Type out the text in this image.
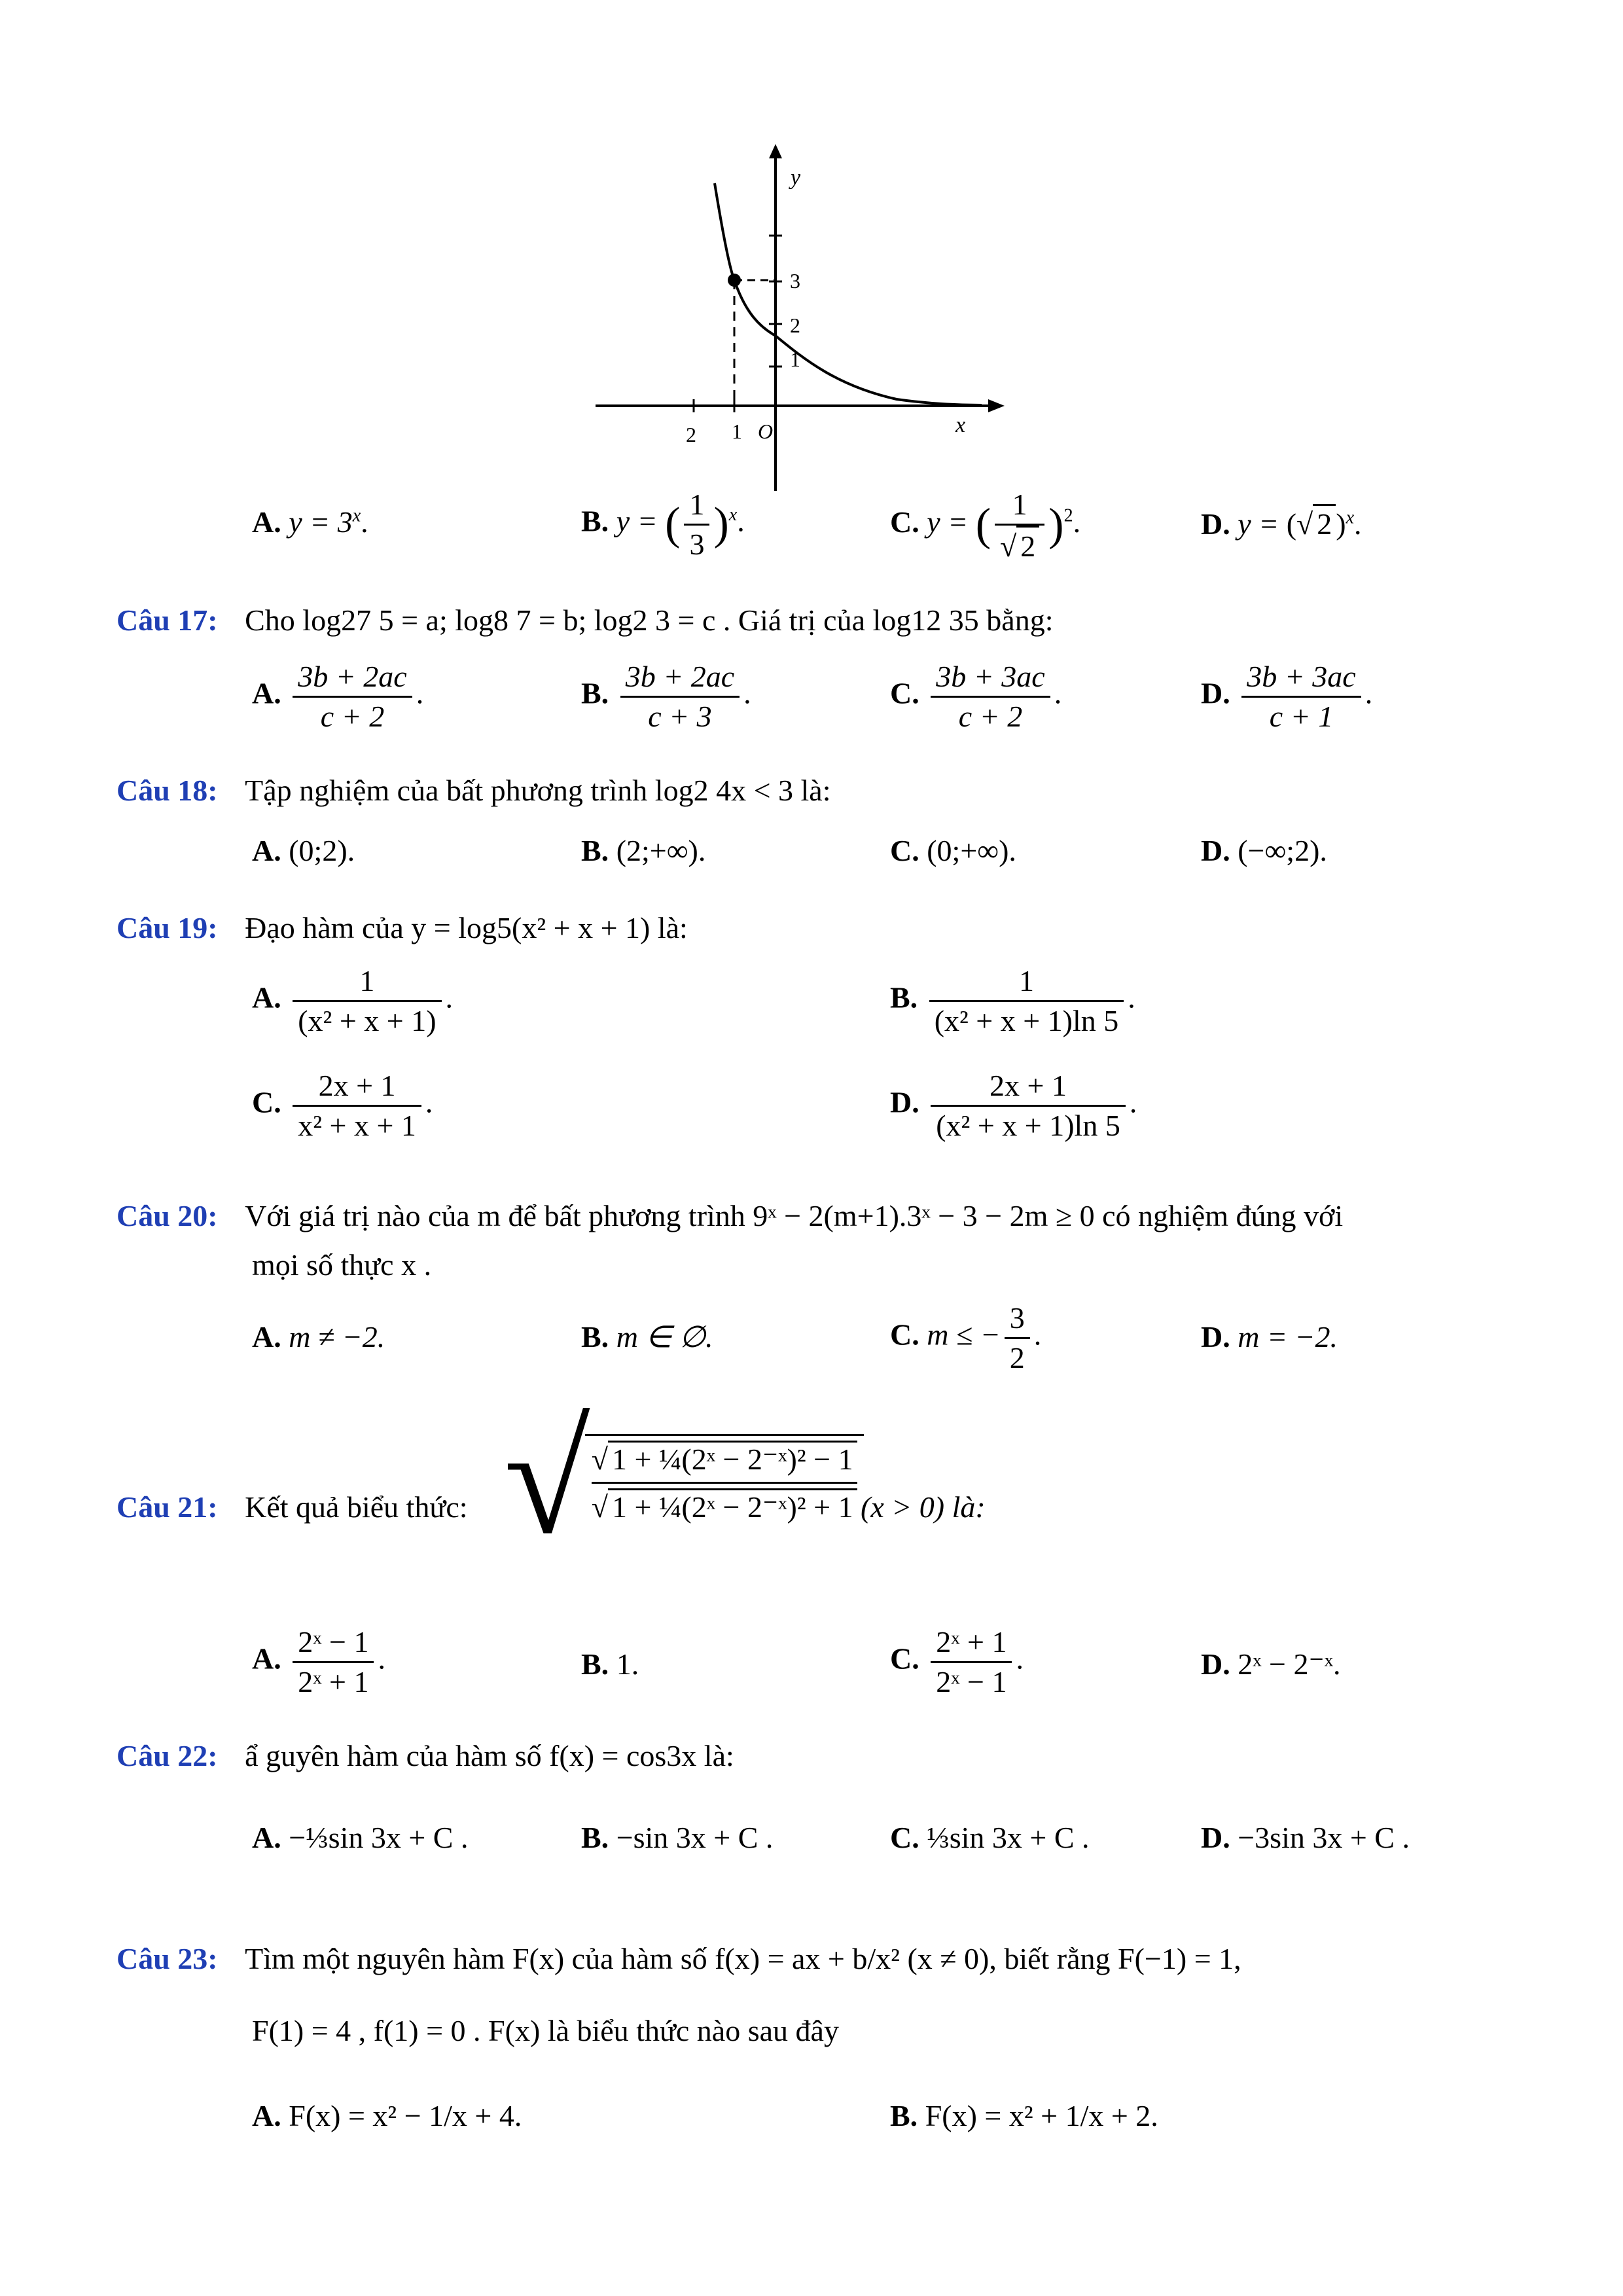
y
x
O
3
2
1
2 1
A. $y = 3^x$.	B. y = ( $\frac{1}{3} )^x$.	C. y = ( $\frac{1}{√ 2} )^2$.	D. y = (√ 2 )$^x$.
Câu 17: Cho log27 5 = a; log8 7 = b; log2 3 = c . Giá trị của log12 35 bằng:
A. $\frac{3b + 2ac}{c + 2}$ .	B. $\frac{3b + 2ac}{c + 3}$ .	C. $\frac{3b + 3ac}{c + 2}$ .	D. $\frac{3b + 3ac}{c + 1}$ .
Câu 18: Tập nghiệm của bất phương trình log2 4x < 3 là:
A. (0;2).	B. (2;+∞).	C. (0;+∞).	D. (−∞;2).
Câu 19: Đạo hàm của y = log5(x² + x + 1) là:
A. $\frac{1}{\text{(x² + x + 1)}}$ .	B. $\frac{1}{\text{(x² + x + 1)ln 5}}$ .
C. $\frac{2x + 1}{\text{x² + x + 1}}$ .	D. $\frac{2x + 1}{\text{(x² + x + 1)ln 5}}$ .
Câu 20: Với giá trị nào của m để bất phương trình 9ˣ − 2(m+1).3ˣ − 3 − 2m ≥ 0 có nghiệm đúng với
mọi số thực x .
A. m ≠ −2.	B. m ∈ ∅.	C. m ≤ − $\frac{3}{2}$ .	D. m = −2.
Câu 21: Kết quả biểu thức: √
$\frac{\text{√ 1 + ¼(2ˣ − 2⁻ˣ)² − 1}}{\text{√ 1 + ¼(2ˣ − 2⁻ˣ)² + 1}}$
(x > 0) là:
A. $\frac{\text{2ˣ − 1}}{\text{2ˣ + 1}}$ .	B. 1.	C. $\frac{\text{2ˣ + 1}}{\text{2ˣ − 1}}$ .	D. 2ˣ − 2⁻ˣ.
Câu 22: ẩ guyên hàm của hàm số f(x) = cos3x là:
A. −⅓sin 3x + C .	B. −sin 3x + C .	C. ⅓sin 3x + C .	D. −3sin 3x + C .
Câu 23: Tìm một nguyên hàm F(x) của hàm số f(x) = ax + b/x² (x ≠ 0), biết rằng F(−1) = 1,
F(1) = 4 , f(1) = 0 . F(x) là biểu thức nào sau đây
A. F(x) = x² − 1/x + 4.	B. F(x) = x² + 1/x + 2.
